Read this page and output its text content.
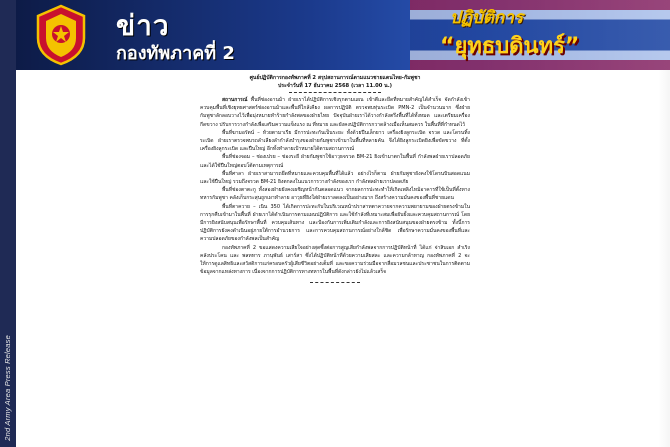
2nd Army Area Press Release
ข่าว
กองทัพภาคที่ 2
ปฏิบัติการ
“ยุทธบดินทร์”
ศูนย์ปฏิบัติการกองทัพภาคที่ 2 สรุปสถานการณ์ตามแนวชายแดนไทย-กัมพูชา
ประจำวันที่ 17 ธันวาคม 2568 (เวลา 11.00 น.)

สถานการณ์ พื้นที่ช่องอานม้า ฝ่ายเราได้ปฏิบัติการเชิงรุกตามแผน เข้าตีและยึดที่หมายสำคัญได้สำเร็จ จัดกำลังเข้าควบคุมพื้นที่เชิงยุทธศาสตร์ช่องอานม้าและพื้นที่ใกล้เคียง ผลการปฏิบัติ ตรวจพบทุ่นระเบิด PMN-2 เป็นจำนวนมาก ซึ่งฝ่ายกัมพูชาลักลอบวางไว้เพื่อมุ่งหมายทำร้ายกำลังพลของฝ่ายไทย ปัจจุบันฝ่ายเราได้วางกำลังตรึงพื้นที่ได้ทั้งหมด และเตรียมเครื่องกีดขวาง ปรับการวางกำลังเพื่อเสริมความแข็งแรง ณ ที่หมาย และยังคงปฏิบัติการกวาดล้างเมื่อเห็นสมควร ในพื้นที่ที่กำหนดไว้

พื้นที่ฆามอรัตน์ – ห้วยตามาเรีย มีการปะทะกันเป็นระยะ ทั้งด้วยปืนเล็กยาว เครื่องยิงลูกระเบิด จรวด และโดรนทิ้งระเบิด ฝ่ายเราตรวจพบรถลำเลียงลำกำลังบำรุงของฝ่ายกัมพูชาเข้ามาในพื้นที่หลายคัน จึงได้ยิงลูกระเบิดยิงเพื่อขัดขวาง ที่ตั้งเครื่องยิงลูกระเบิด และปืนใหญ่ อีกทั้งทำลายเป้าหมายได้ตามสถานการณ์

พื้นที่ช่องจอม – ช่องเปรย – ช่องระยี ฝ่ายกัมพูชาใช้อาวุธจรวด BM-21 ยิงเข้ามาตกในพื้นที่ กำลังพลฝ่ายเราปลอดภัย และได้ใช้ปืนใหญ่ตอบโต้ตามเหตุการณ์

พื้นที่ศาลา ฝ่ายเราสามารถยึดที่หมายและควบคุมพื้นที่ได้แล้ว อย่างไรก็ตาม ฝ่ายกัมพูชายังคงใช้โดรนบินสอดแนม และใช้ปืนใหญ่ รวมถึงจรวด BM-21 ยิงตกลงในแนวการวางกำลังของเรา กำลังพลฝ่ายเราปลอดภัย

พื้นที่ช่องตาตะกู ทั้งสองฝ่ายยังคงเผชิญหน้ากันตลอดแนว จากผลการปะทะทำให้เกิดเพลิงไหม้อาคารที่ใช้เป็นที่ตั้งทางทหารกัมพูชา คลังเก็บกระสุนถูกเผาทำลาย อาวุธที่ยิงใส่ฝ่ายเราลดลงเป็นอย่างมาก ถึงสร้างความมั่นคงของพื้นที่ชายแดน

พื้นที่ตาควาย – เนิน 350 ได้เกิดการปะทะกับในบริเวณหน้าปราสาทตาควายจากความพยายามของฝ่ายตรงข้ามในการรุกคืบเข้ามาในพื้นที่ ฝ่ายเราได้ดำเนินการตามแผนปฏิบัติการ และใช้กำลังที่เหมาะสมเพื่อยับยั้งและควบคุมสถานการณ์ โดยมีการยิงสนับสนุนเพื่อรักษาพื้นที่ ควบคุมเส้นทาง และป้องกันการเพิ่มเติมกำลังและการยิงสนับสนุนของฝ่ายตรงข้าม ทั้งนี้การปฏิบัติการยังคงดำเนินอยู่ภายใต้การอำนวยการ และการควบคุมสถานการณ์อย่างใกล้ชิด เพื่อรักษาความมั่นคงของพื้นที่และความปลอดภัยของกำลังพลเป็นสำคัญ

กองทัพภาคที่ 2 ขอแสดงความเสียใจอย่างสุดซึ้งต่อการสูญเสียกำลังพลจากการปฏิบัติหน้าที่ ได้แก่ จ่าสิบเอก สำเริง คลังประโคน และ พลทหาร ภานุพันธ์ เสาร์สา ซึ่งได้ปฏิบัติหน้าที่ด้วยความเสียสละ และความกล้าหาญ กองทัพภาคที่ 2 จะให้การดูแลสิทธิและสวัสดิการแก่ครอบครัวผู้เสียชีวิตอย่างเต็มที่ และขอความร่วมมือจากสื่อมวลชนและประชาชนในการติดตามข้อมูลจากแหล่งทางการ เนื่องจากการปฏิบัติการทางทหารในพื้นที่ดังกล่าวยังไม่แล้วเสร็จ
